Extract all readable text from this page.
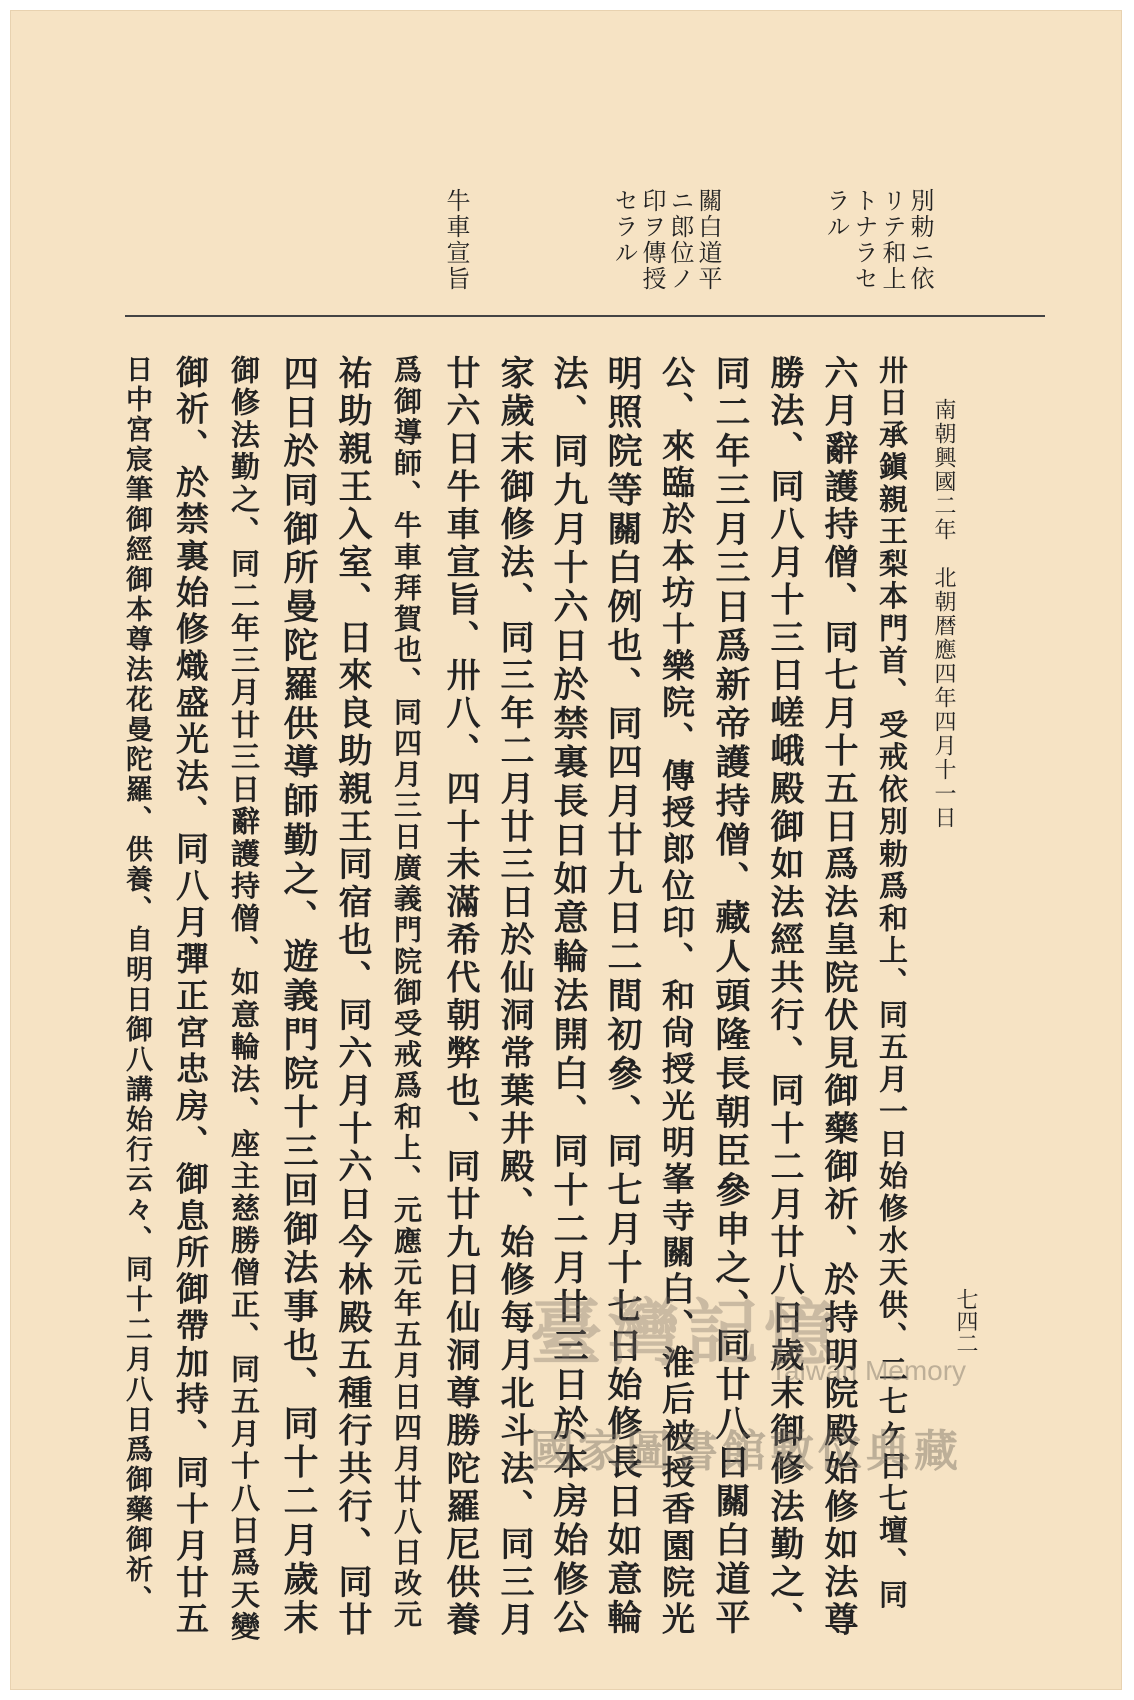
南朝興國二年　北朝暦應四年四月十一日
七四二
別勅ニ依
リテ和上
トナラセ
ラル
關白道平
ニ郎位ノ
印ヲ傳授
セラル
牛車宣旨
卅日承鎭親王梨本門首、受戒依別勅爲和上、同五月一日始修水天供、二七ケ日七壇、同
六月辭護持僧、同七月十五日爲法皇院伏見御藥御祈、於持明院殿始修如法尊
勝法、同八月十三日嵯峨殿御如法經共行、同十二月廿八日歲末御修法勤之、
同二年三月三日爲新帝護持僧、藏人頭隆長朝臣參申之、同廿八日關白道平
公、來臨於本坊十樂院、傳授郎位印、和尙授光明峯寺關白、淮后被授香園院光
明照院等關白例也、同四月廿九日二間初參、同七月十七日始修長日如意輪
法、同九月十六日於禁裏長日如意輪法開白、同十二月廿三日於本房始修公
家歲末御修法、同三年二月廿三日於仙洞常葉井殿、始修每月北斗法、同三月
廿六日牛車宣旨、卅八、四十未滿希代朝弊也、同廿九日仙洞尊勝陀羅尼供養
爲御導師、牛車拜賀也、同四月三日廣義門院御受戒爲和上、元應元年五月日四月廿八日改元
祐助親王入室、日來良助親王同宿也、同六月十六日今林殿五種行共行、同廿
四日於同御所曼陀羅供導師勤之、遊義門院十三回御法事也、同十二月歲末
御修法勤之、同二年三月廿三日辭護持僧、如意輪法、座主慈勝僧正、同五月十八日爲天變
御祈、於禁裏始修熾盛光法、同八月彈正宮忠房、御息所御帶加持、同十月廿五
日中宮宸筆御經御本尊法花曼陀羅、供養、自明日御八講始行云々、同十二月八日爲御藥御祈、	臺灣記憶
Taiwan Memory
國家圖書館數位典藏
